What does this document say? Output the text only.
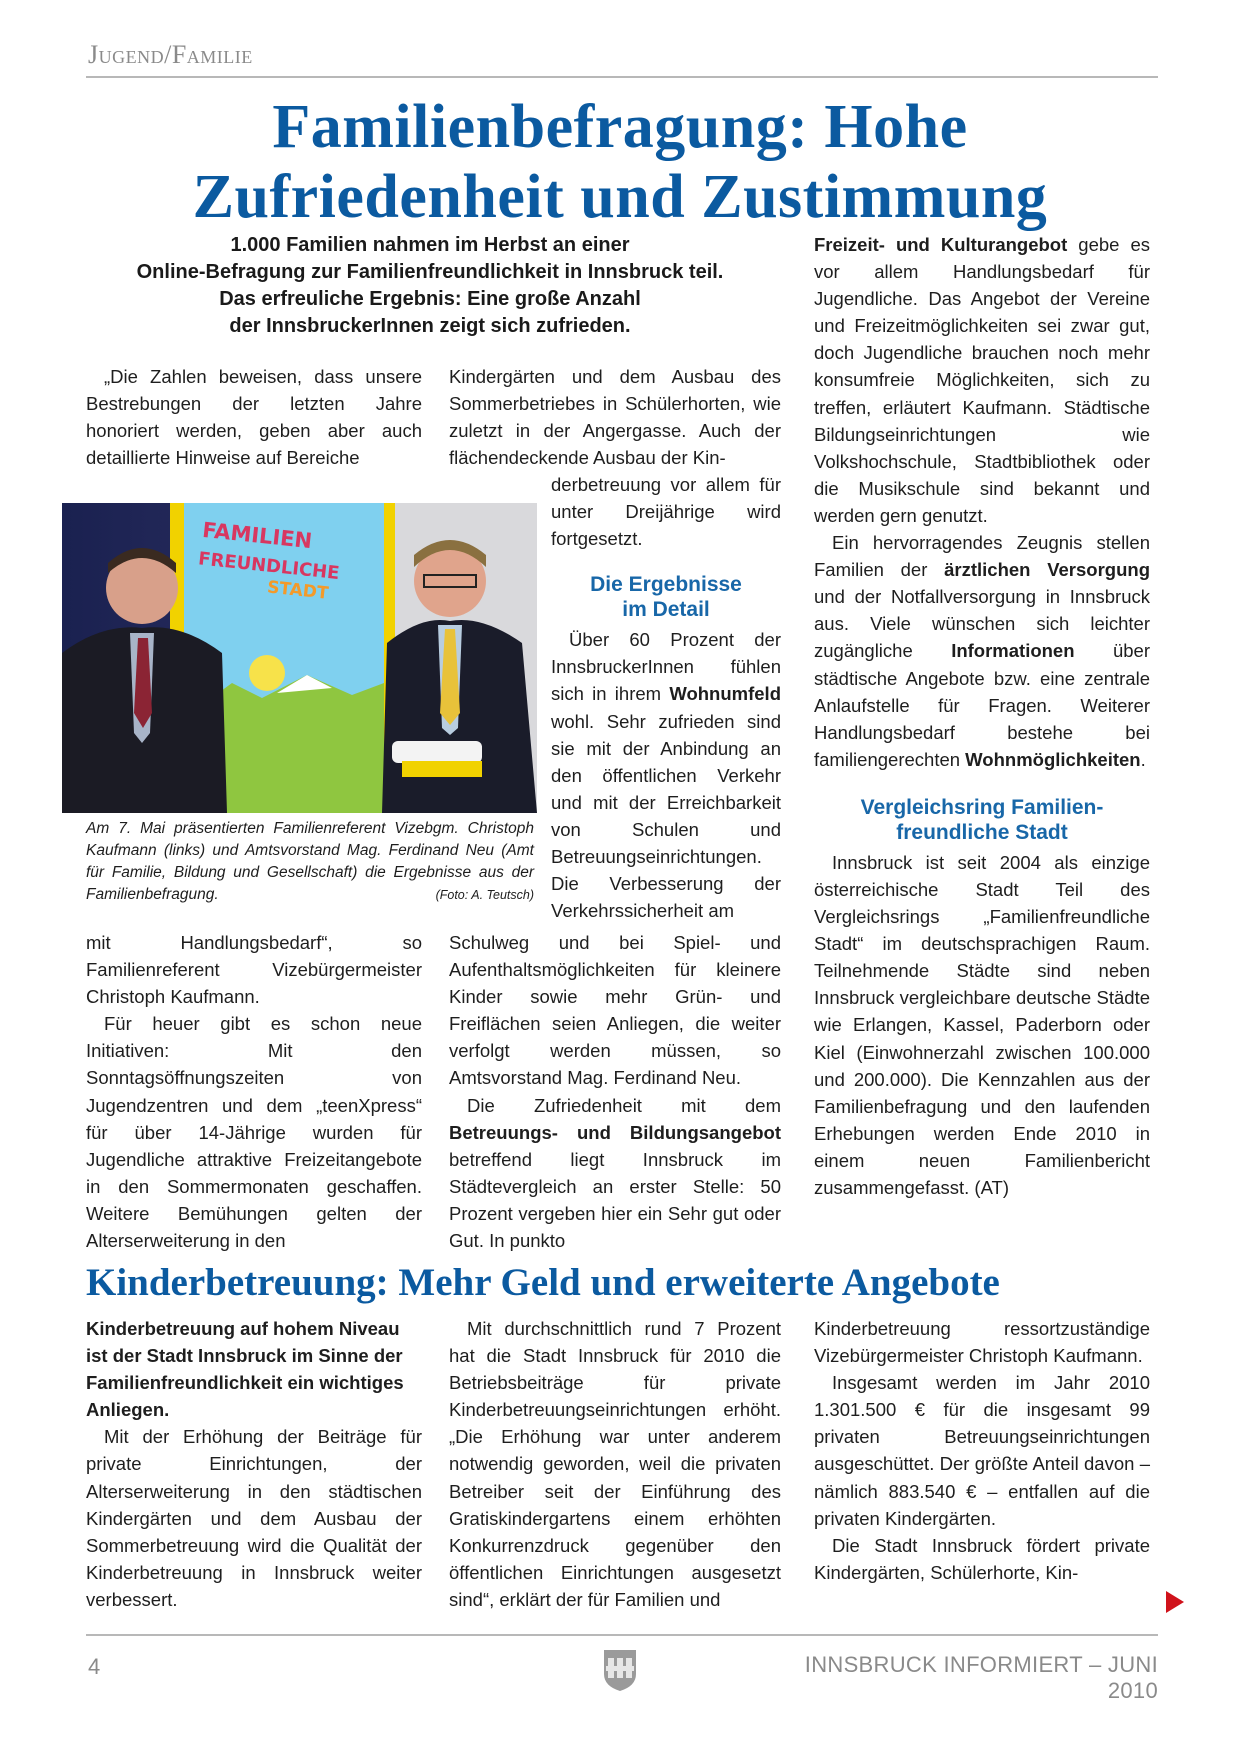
Jugend/Familie
Familienbefragung: Hohe
Zufriedenheit und Zustimmung
1.000 Familien nahmen im Herbst an einer
Online-Befragung zur Familienfreundlichkeit in Innsbruck teil.
Das erfreuliche Ergebnis: Eine große Anzahl
der InnsbruckerInnen zeigt sich zufrieden.

„Die Zahlen beweisen, dass unsere Bestrebungen der letzten Jahre honoriert werden, geben aber auch detaillierte Hinweise auf Bereiche

FAMILIEN
FREUNDLICHE
STADT
Am 7. Mai präsentierten Familienreferent Vizebgm. Christoph Kaufmann (links) und Amtsvorstand Mag. Ferdinand Neu (Amt für Familie, Bildung und Gesellschaft) die Ergebnisse aus der Familienbefragung.	(Foto: A. Teutsch)

mit Handlungsbedarf“, so Familienreferent Vizebürgermeister Christoph Kaufmann.

Für heuer gibt es schon neue Initiativen: Mit den Sonntagsöffnungszeiten von Jugendzentren und dem „teenXpress“ für über 14-Jährige wurden für Jugendliche attraktive Freizeitangebote in den Sommermonaten geschaffen. Weitere Bemühungen gelten der Alterserweiterung in den

Kindergärten und dem Ausbau des Sommerbetriebes in Schülerhorten, wie zuletzt in der Angergasse. Auch der flächendeckende Ausbau der Kin-

derbetreuung vor allem für unter Dreijährige wird fortgesetzt.

Die Ergebnisse
im Detail

Über 60 Prozent der InnsbruckerInnen fühlen sich in ihrem Wohnumfeld wohl. Sehr zufrieden sind sie mit der Anbindung an den öffentlichen Verkehr und mit der Erreichbarkeit von Schulen und Betreuungseinrichtungen. Die Verbesserung der Verkehrssicherheit am

Schulweg und bei Spiel- und Aufenthaltsmöglichkeiten für kleinere Kinder sowie mehr Grün- und Freiflächen seien Anliegen, die weiter verfolgt werden müssen, so Amtsvorstand Mag. Ferdinand Neu.

Die Zufriedenheit mit dem Betreuungs- und Bildungsangebot betreffend liegt Innsbruck im Städtevergleich an erster Stelle: 50 Prozent vergeben hier ein Sehr gut oder Gut. In punkto

Freizeit- und Kulturangebot gebe es vor allem Handlungsbedarf für Jugendliche. Das Angebot der Vereine und Freizeitmöglichkeiten sei zwar gut, doch Jugendliche brauchen noch mehr konsumfreie Möglichkeiten, sich zu treffen, erläutert Kaufmann. Städtische Bildungseinrichtungen wie Volkshochschule, Stadtbibliothek oder die Musikschule sind bekannt und werden gern genutzt.

Ein hervorragendes Zeugnis stellen Familien der ärztlichen Versorgung und der Notfallversorgung in Innsbruck aus. Viele wünschen sich leichter zugängliche Informationen über städtische Angebote bzw. eine zentrale Anlaufstelle für Fragen. Weiterer Handlungsbedarf bestehe bei familiengerechten Wohnmöglichkeiten.

Vergleichsring Familien-
freundliche Stadt

Innsbruck ist seit 2004 als einzige österreichische Stadt Teil des Vergleichsrings „Familienfreundliche Stadt“ im deutschsprachigen Raum. Teilnehmende Städte sind neben Innsbruck vergleichbare deutsche Städte wie Erlangen, Kassel, Paderborn oder Kiel (Einwohnerzahl zwischen 100.000 und 200.000). Die Kennzahlen aus der Familienbefragung und den laufenden Erhebungen werden Ende 2010 in einem neuen Familienbericht zusammengefasst. (AT)

Kinderbetreuung: Mehr Geld und erweiterte Angebote

Kinderbetreuung auf hohem Niveau ist der Stadt Innsbruck im Sinne der Familienfreundlichkeit ein wichtiges Anliegen.

Mit der Erhöhung der Beiträge für private Einrichtungen, der Alterserweiterung in den städtischen Kindergärten und dem Ausbau der Sommerbetreuung wird die Qualität der Kinderbetreuung in Innsbruck weiter verbessert.

Mit durchschnittlich rund 7 Prozent hat die Stadt Innsbruck für 2010 die Betriebsbeiträge für private Kinderbetreuungseinrichtungen erhöht. „Die Erhöhung war unter anderem notwendig geworden, weil die privaten Betreiber seit der Einführung des Gratiskindergartens einem erhöhten Konkurrenzdruck gegenüber den öffentlichen Einrichtungen ausgesetzt sind“, erklärt der für Familien und

Kinderbetreuung ressortzuständige Vizebürgermeister Christoph Kaufmann.

Insgesamt werden im Jahr 2010 1.301.500 € für die insgesamt 99 privaten Betreuungseinrichtungen ausgeschüttet. Der größte Anteil davon – nämlich 883.540 € – entfallen auf die privaten Kindergärten.

Die Stadt Innsbruck fördert private Kindergärten, Schülerhorte, Kin-

4	INNSBRUCK INFORMIERT – JUNI 2010
